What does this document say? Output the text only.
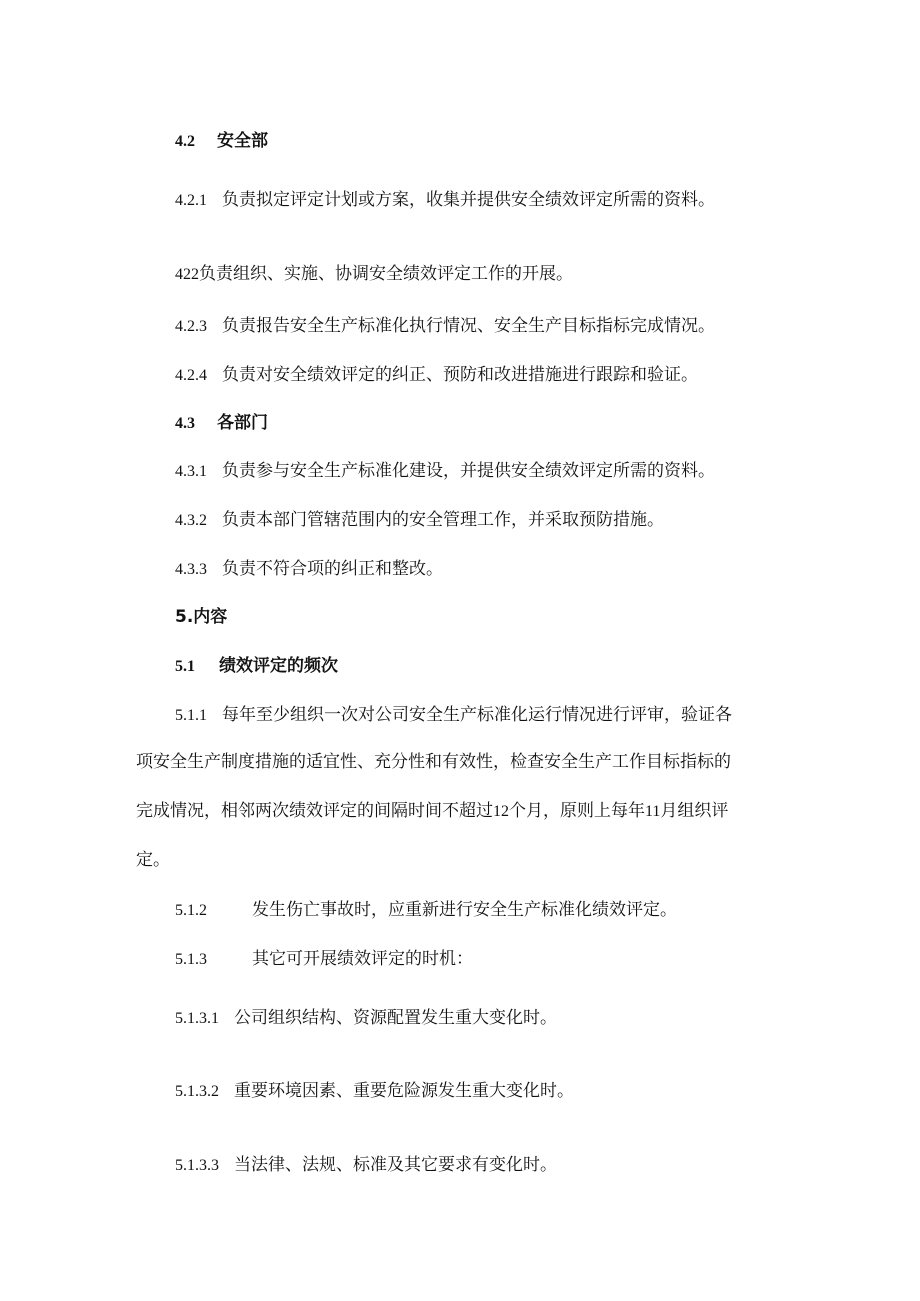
4.2 安全部
4.2.1 负责拟定评定计划或方案，收集并提供安全绩效评定所需的资料。
422负责组织、实施、协调安全绩效评定工作的开展。
4.2.3 负责报告安全生产标准化执行情况、安全生产目标指标完成情况。
4.2.4 负责对安全绩效评定的纠正、预防和改进措施进行跟踪和验证。
4.3 各部门
4.3.1 负责参与安全生产标准化建设，并提供安全绩效评定所需的资料。
4.3.2 负责本部门管辖范围内的安全管理工作，并采取预防措施。
4.3.3 负责不符合项的纠正和整改。
5.内容
5.1 绩效评定的频次
5.1.1 每年至少组织一次对公司安全生产标准化运行情况进行评审，验证各
项安全生产制度措施的适宜性、充分性和有效性，检查安全生产工作目标指标的
完成情况，相邻两次绩效评定的间隔时间不超过12个月，原则上每年11月组织评
定。
5.1.2	发生伤亡事故时，应重新进行安全生产标准化绩效评定。
5.1.3	其它可开展绩效评定的时机：
5.1.3.1 公司组织结构、资源配置发生重大变化时。
5.1.3.2 重要环境因素、重要危险源发生重大变化时。
5.1.3.3 当法律、法规、标准及其它要求有变化时。
